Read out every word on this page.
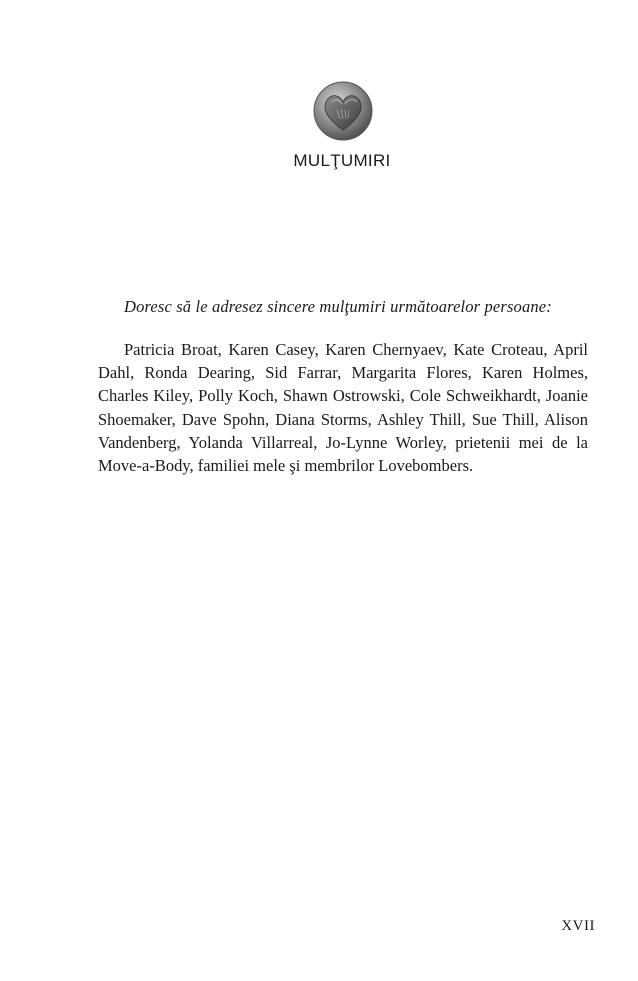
MULŢUMIRI
Doresc să le adresez sincere mulţumiri următoarelor persoane:

Patricia Broat, Karen Casey, Karen Chernyaev, Kate Croteau, April Dahl, Ronda Dearing, Sid Farrar, Margarita Flores, Karen Holmes, Charles Kiley, Polly Koch, Shawn Ostrowski, Cole Schweikhardt, Joanie Shoemaker, Dave Spohn, Diana Storms, Ashley Thill, Sue Thill, Alison Vandenberg, Yolanda Villarreal, Jo-Lynne Worley, prietenii mei de la Move-a-Body, familiei mele şi membrilor Lovebombers.

XVII
